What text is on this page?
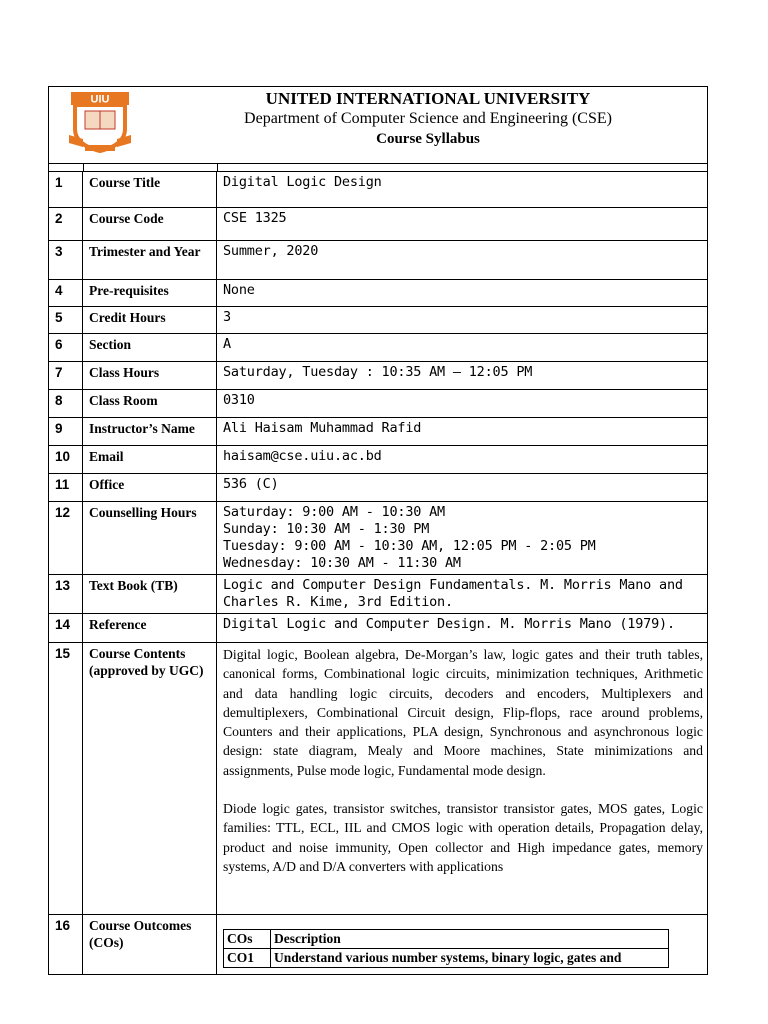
UIU	UNITED INTERNATIONAL UNIVERSITY
Department of Computer Science and Engineering (CSE)
Course Syllabus
1	Course Title	Digital Logic Design
2	Course Code	CSE 1325
3	Trimester and Year	Summer, 2020
4	Pre-requisites	None
5	Credit Hours	3
6	Section	A
7	Class Hours	Saturday, Tuesday : 10:35 AM – 12:05 PM
8	Class Room	0310
9	Instructor’s Name	Ali Haisam Muhammad Rafid
10	Email	haisam@cse.uiu.ac.bd
11	Office	536 (C)
12	Counselling Hours	Saturday: 9:00 AM - 10:30 AM
Sunday: 10:30 AM - 1:30 PM
Tuesday: 9:00 AM - 10:30 AM, 12:05 PM - 2:05 PM
Wednesday: 10:30 AM - 11:30 AM

13	Text Book (TB)	Logic and Computer Design Fundamentals. M. Morris Mano and Charles R. Kime, 3rd Edition.
14	Reference	Digital Logic and Computer Design. M. Morris Mano (1979).
15	Course Contents (approved by UGC)	
Digital logic, Boolean algebra, De-Morgan’s law, logic gates and their truth tables, canonical forms, Combinational logic circuits, minimization techniques, Arithmetic and data handling logic circuits, decoders and encoders, Multiplexers and demultiplexers, Combinational Circuit design, Flip-flops, race around problems, Counters and their applications, PLA design, Synchronous and asynchronous logic design: state diagram, Mealy and Moore machines, State minimizations and assignments, Pulse mode logic, Fundamental mode design.
Diode logic gates, transistor switches, transistor transistor gates, MOS gates, Logic families: TTL, ECL, IIL and CMOS logic with operation details, Propagation delay, product and noise immunity, Open collector and High impedance gates, memory systems, A/D and D/A converters with applications

16	Course Outcomes (COs)		COs	Description
CO1	Understand various number systems, binary logic, gates and
